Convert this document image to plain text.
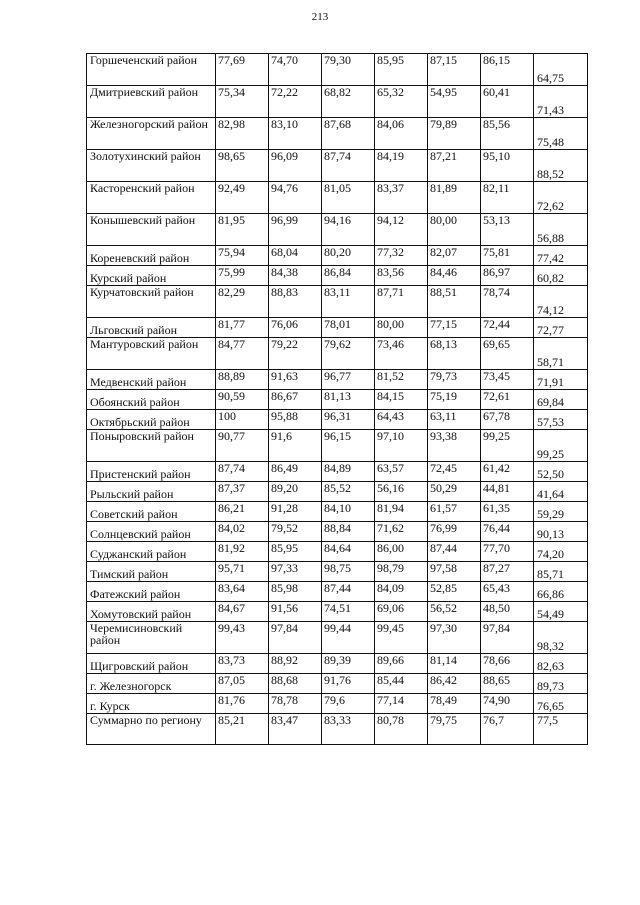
213
Горшеченский район	77,69	74,70	79,30	85,95	87,15	86,15	64,75
Дмитриевский район	75,34	72,22	68,82	65,32	54,95	60,41	71,43
Железногорский район	82,98	83,10	87,68	84,06	79,89	85,56	75,48
Золотухинский район	98,65	96,09	87,74	84,19	87,21	95,10	88,52
Касторенский район	92,49	94,76	81,05	83,37	81,89	82,11	72,62
Конышевский район	81,95	96,99	94,16	94,12	80,00	53,13	56,88
Кореневский район	75,94	68,04	80,20	77,32	82,07	75,81	77,42
Курский район	75,99	84,38	86,84	83,56	84,46	86,97	60,82
Курчатовский район	82,29	88,83	83,11	87,71	88,51	78,74	74,12
Льговский район	81,77	76,06	78,01	80,00	77,15	72,44	72,77
Мантуровский район	84,77	79,22	79,62	73,46	68,13	69,65	58,71
Медвенский район	88,89	91,63	96,77	81,52	79,73	73,45	71,91
Обоянский район	90,59	86,67	81,13	84,15	75,19	72,61	69,84
Октябрьский район	100	95,88	96,31	64,43	63,11	67,78	57,53
Поныровский район	90,77	91,6	96,15	97,10	93,38	99,25	99,25
Пристенский район	87,74	86,49	84,89	63,57	72,45	61,42	52,50
Рыльский район	87,37	89,20	85,52	56,16	50,29	44,81	41,64
Советский район	86,21	91,28	84,10	81,94	61,57	61,35	59,29
Солнцевский район	84,02	79,52	88,84	71,62	76,99	76,44	90,13
Суджанский район	81,92	85,95	84,64	86,00	87,44	77,70	74,20
Тимский район	95,71	97,33	98,75	98,79	97,58	87,27	85,71
Фатежский район	83,64	85,98	87,44	84,09	52,85	65,43	66,86
Хомутовский район	84,67	91,56	74,51	69,06	56,52	48,50	54,49
Черемисиновский район	99,43	97,84	99,44	99,45	97,30	97,84	98,32
Щигровский район	83,73	88,92	89,39	89,66	81,14	78,66	82,63
г. Железногорск	87,05	88,68	91,76	85,44	86,42	88,65	89,73
г. Курск	81,76	78,78	79,6	77,14	78,49	74,90	76,65
Суммарно по региону	85,21	83,47	83,33	80,78	79,75	76,7	77,5
